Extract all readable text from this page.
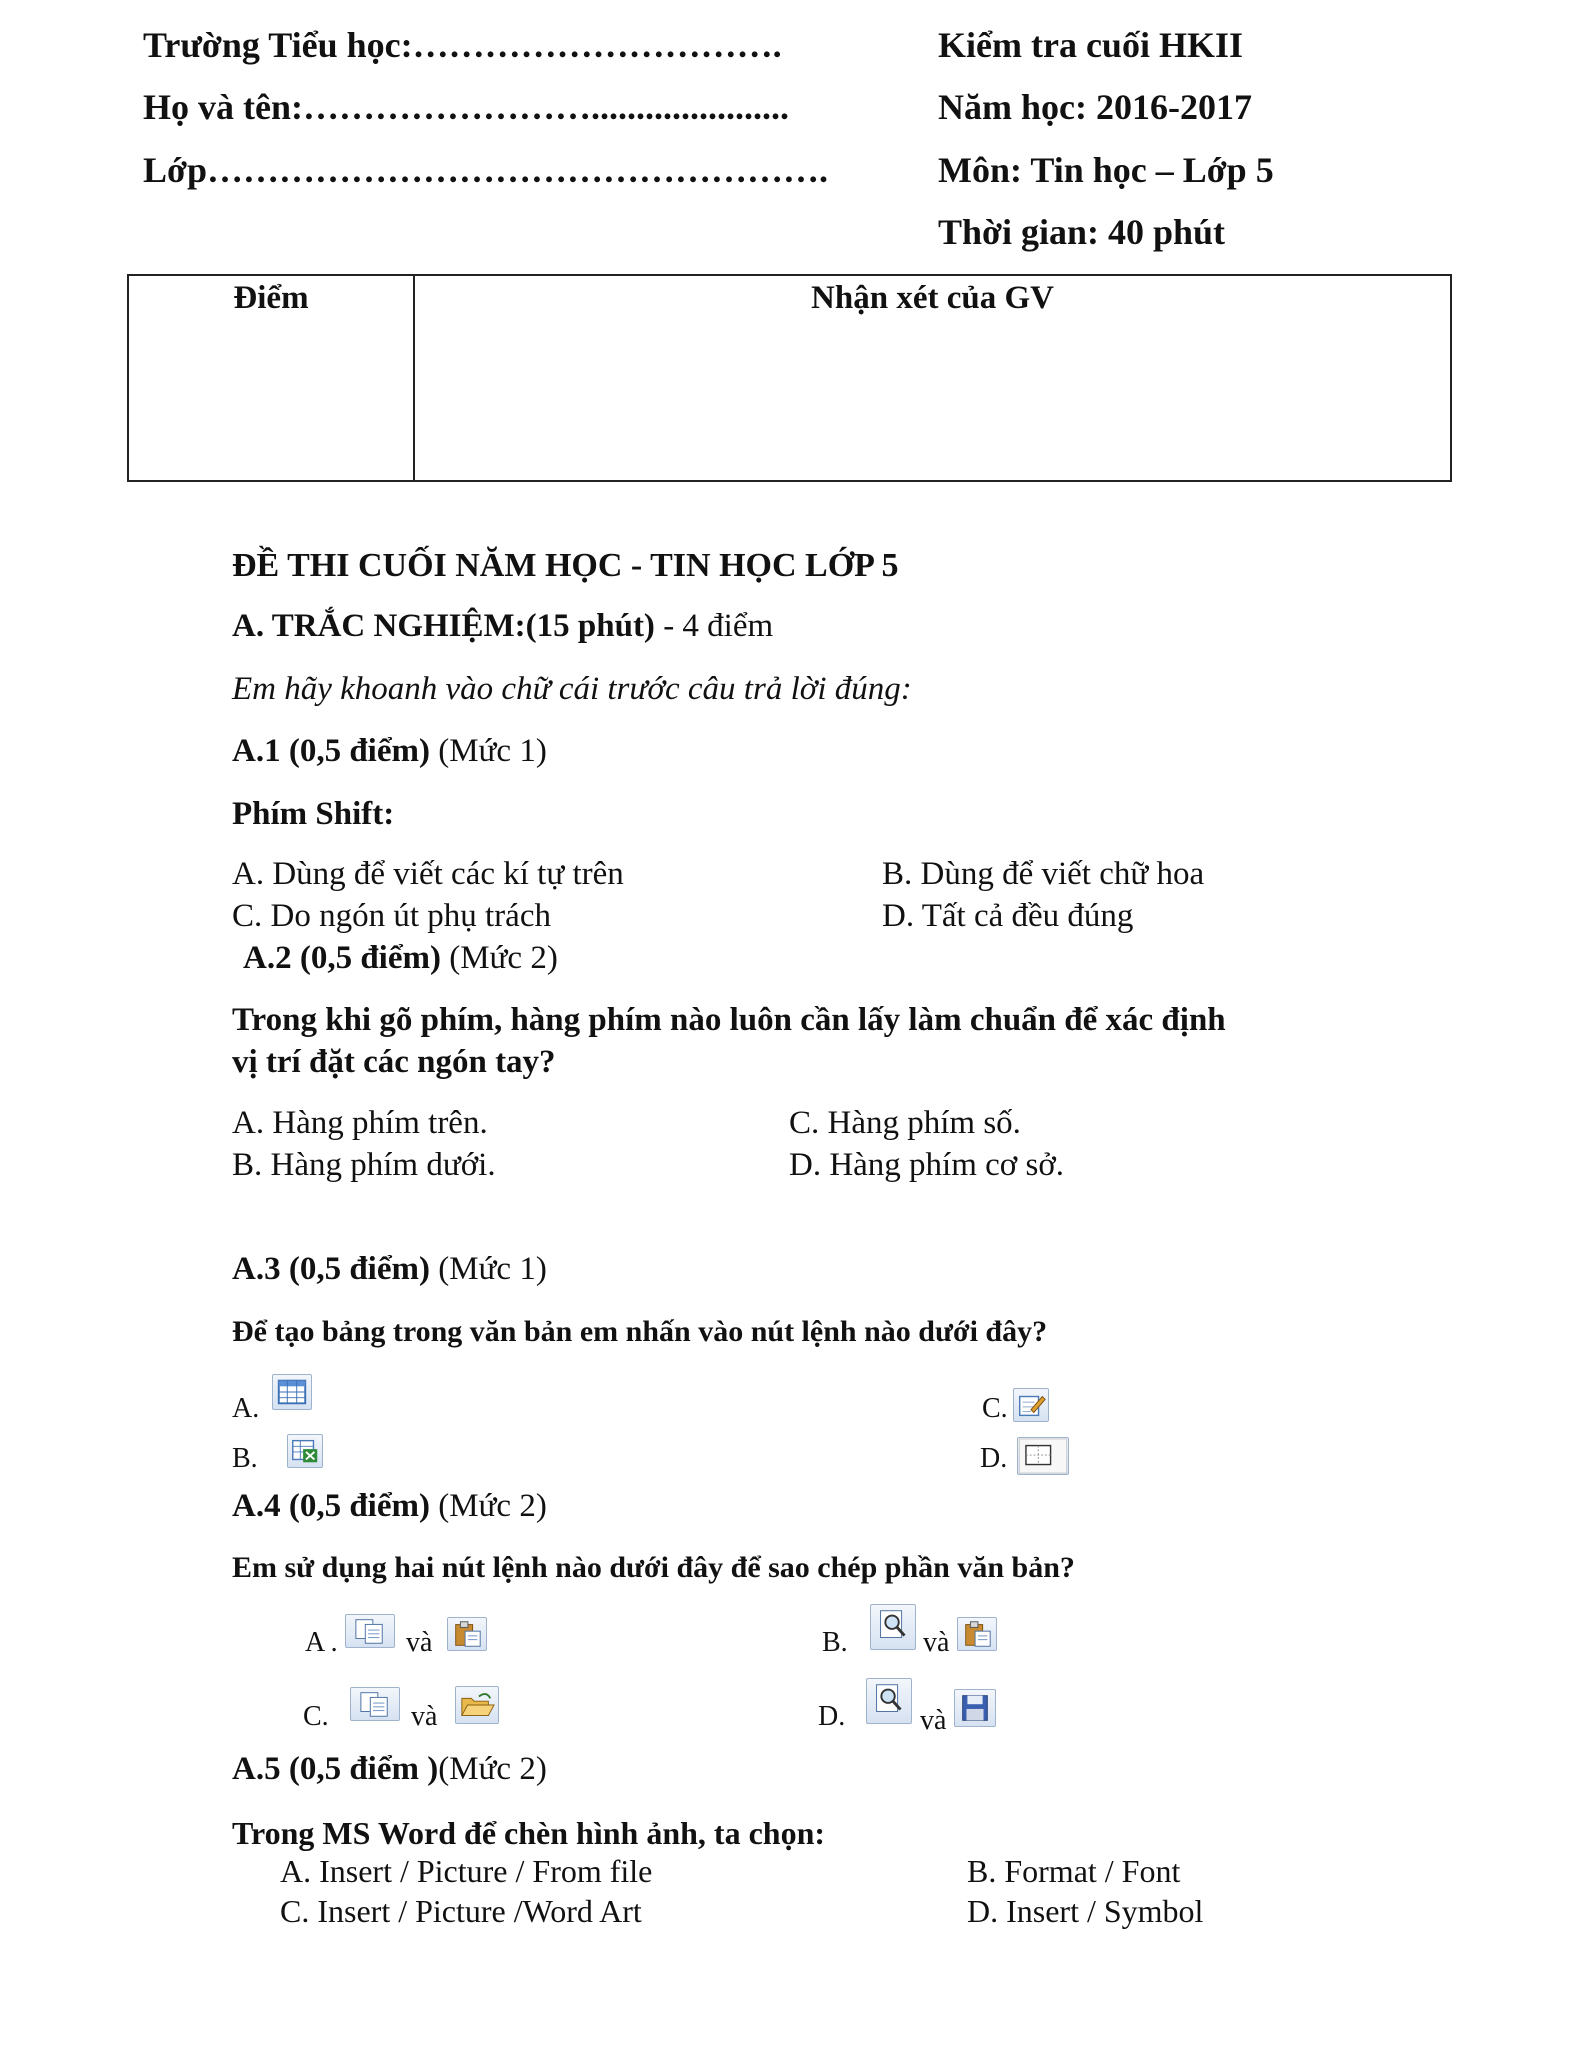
Trường Tiểu học:………………………….
Họ và tên:……………………......................
Lớp…………………………………………….
Kiểm tra cuối HKII
Năm học: 2016-2017
Môn: Tin học – Lớp 5
Thời gian: 40 phút
Điểm	Nhận xét của GV
ĐỀ THI CUỐI NĂM HỌC - TIN HỌC LỚP 5
A. TRẮC NGHIỆM:(15 phút) - 4 điểm
Em hãy khoanh vào chữ cái trước câu trả lời đúng:
A.1 (0,5 điểm) (Mức 1)
Phím Shift:
A. Dùng để viết các kí tự trên	B. Dùng để viết chữ hoa
C. Do ngón út phụ trách	D. Tất cả đều đúng
A.2 (0,5 điểm) (Mức 2)
Trong khi gõ phím, hàng phím nào luôn cần lấy làm chuẩn để xác định
vị trí đặt các ngón tay?
A. Hàng phím trên.	C. Hàng phím số.
B. Hàng phím dưới.	D. Hàng phím cơ sở.
A.3 (0,5 điểm) (Mức 1)
Để tạo bảng trong văn bản em nhấn vào nút lệnh nào dưới đây?
A.
B.
C.
D.
A.4 (0,5 điểm) (Mức 2)
Em sử dụng hai nút lệnh nào dưới đây để sao chép phần văn bản?
A . và	B.	và
C.	và	D.	và
A.5 (0,5 điểm )(Mức 2)
Trong MS Word để chèn hình ảnh, ta chọn:
A. Insert / Picture / From file	B. Format / Font
C. Insert / Picture /Word Art	D. Insert / Symbol
